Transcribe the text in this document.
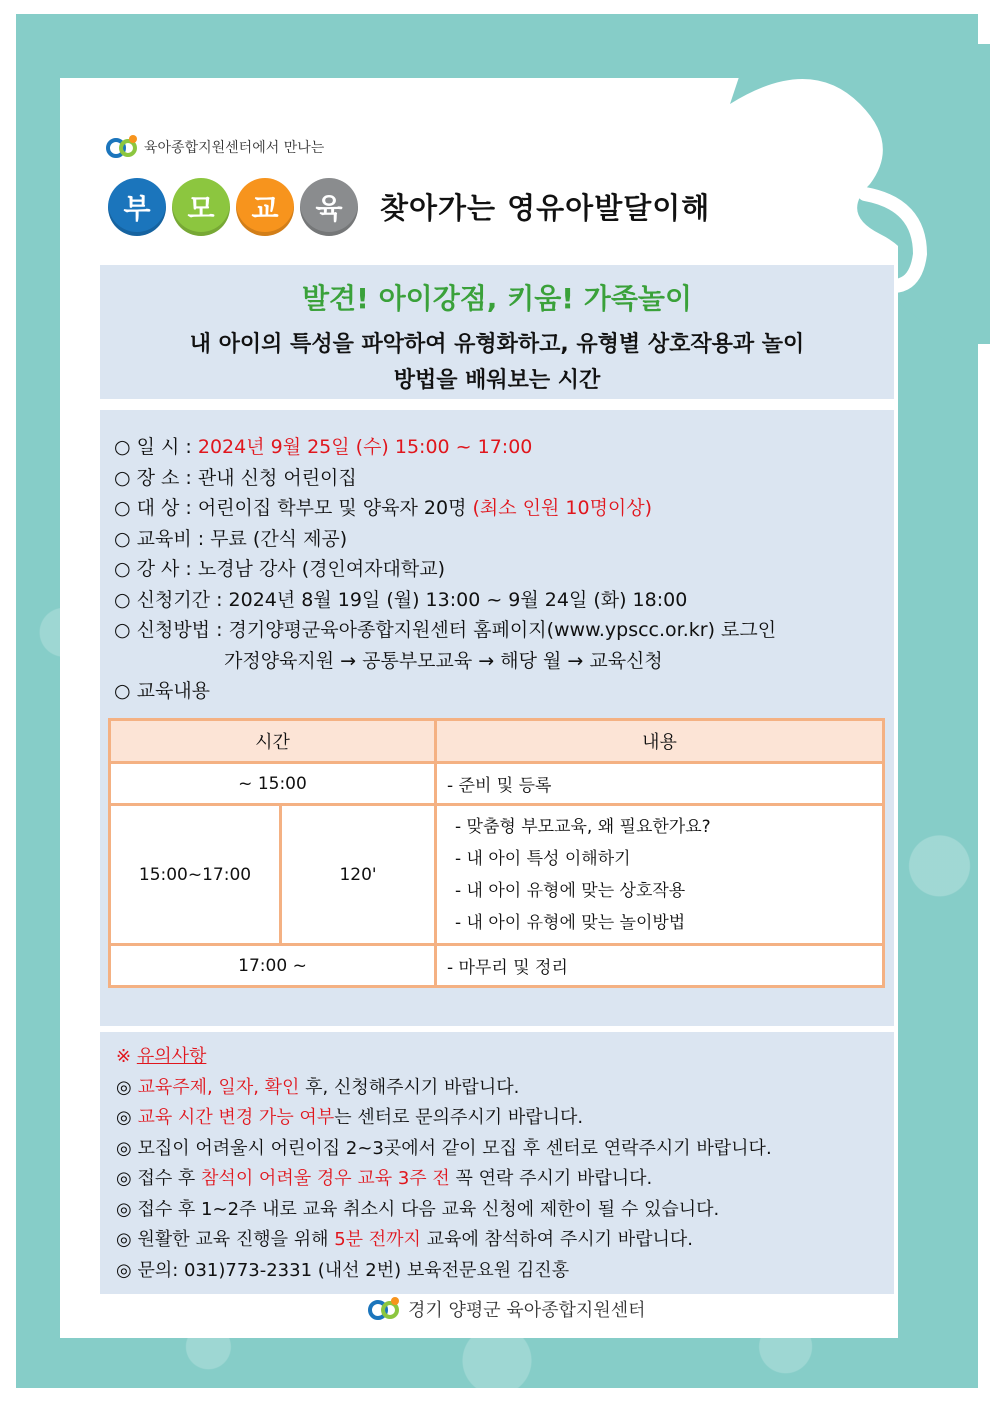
육아종합지원센터에서 만나는
부 모 교 육 찾아가는 영유아발달이해
발견! 아이강점, 키움! 가족놀이
내 아이의 특성을 파악하여 유형화하고, 유형별 상호작용과 놀이
방법을 배워보는 시간
○ 일 시 : 2024년 9월 25일 (수) 15:00 ~ 17:00
○ 장 소 : 관내 신청 어린이집
○ 대 상 : 어린이집 학부모 및 양육자 20명 (최소 인원 10명이상)
○ 교육비 : 무료 (간식 제공)
○ 강 사 : 노경남 강사 (경인여자대학교)
○ 신청기간 : 2024년 8월 19일 (월) 13:00 ~ 9월 24일 (화) 18:00
○ 신청방법 : 경기양평군육아종합지원센터 홈페이지(www.ypscc.or.kr) 로그인
가정양육지원 → 공통부모교육 → 해당 월 → 교육신청
○ 교육내용
시간		내용
~ 15:00		- 준비 및 등록
15:00~17:00	120'	- 맞춤형 부모교육, 왜 필요한가요?
- 내 아이 특성 이해하기
- 내 아이 유형에 맞는 상호작용
- 내 아이 유형에 맞는 놀이방법

17:00 ~		- 마무리 및 정리
※ 유의사항
◎ 교육주제, 일자, 확인 후, 신청해주시기 바랍니다.
◎ 교육 시간 변경 가능 여부는 센터로 문의주시기 바랍니다.
◎ 모집이 어려울시 어린이집 2~3곳에서 같이 모집 후 센터로 연락주시기 바랍니다.
◎ 접수 후 참석이 어려울 경우 교육 3주 전 꼭 연락 주시기 바랍니다.
◎ 접수 후 1~2주 내로 교육 취소시 다음 교육 신청에 제한이 될 수 있습니다.
◎ 원활한 교육 진행을 위해 5분 전까지 교육에 참석하여 주시기 바랍니다.
◎ 문의: 031)773-2331 (내선 2번) 보육전문요원 김진홍
경기 양평군 육아종합지원센터
